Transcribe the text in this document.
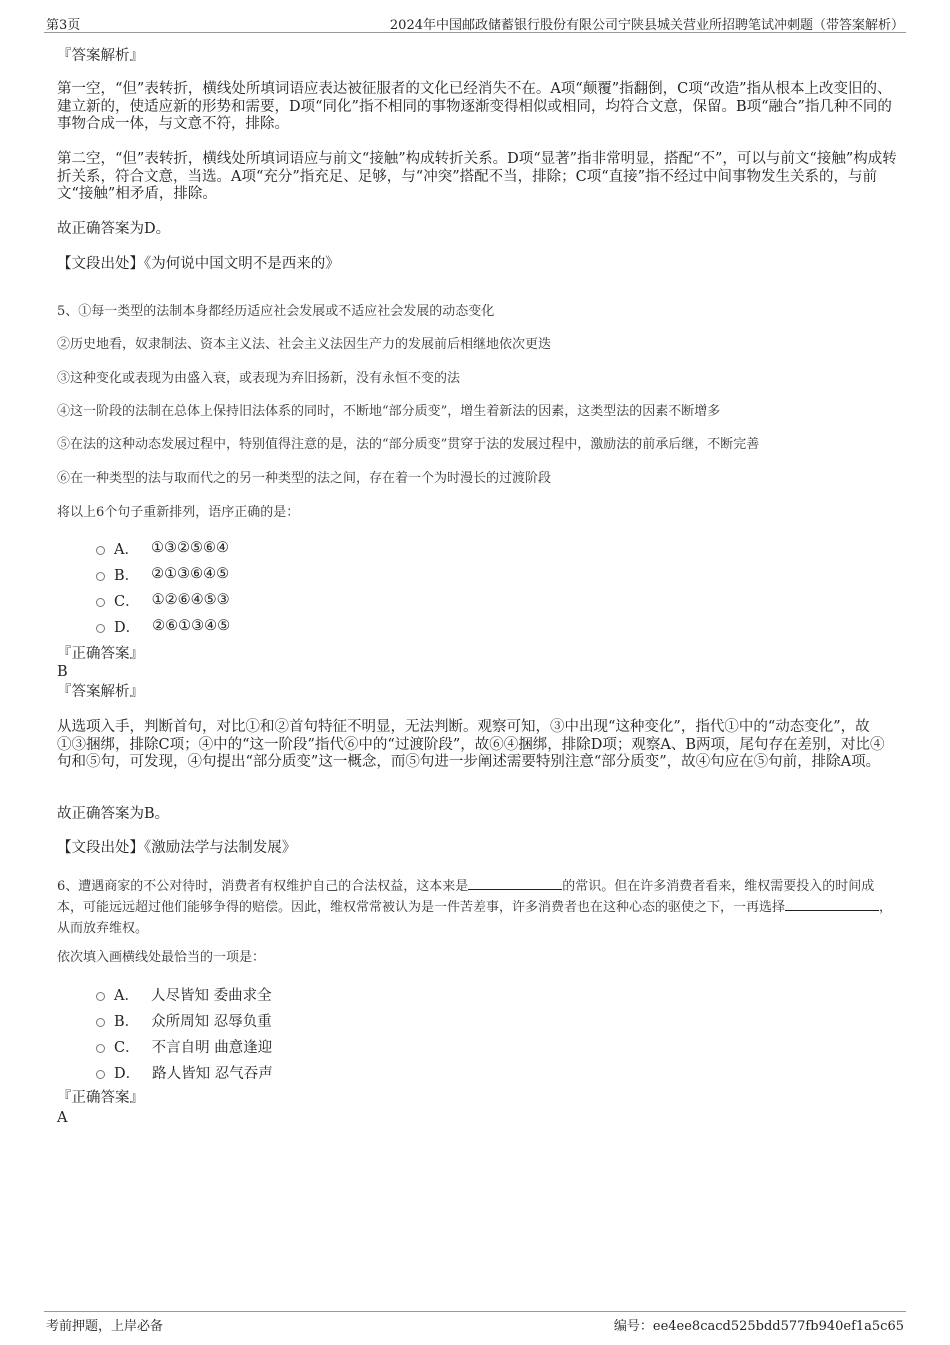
第3页	2024年中国邮政储蓄银行股份有限公司宁陕县城关营业所招聘笔试冲刺题（带答案解析）
『答案解析』
第一空，“但”表转折，横线处所填词语应表达被征服者的文化已经消失不在。A项“颠覆”指翻倒，C项“改造”指从根本上改变旧的、建立新的，使适应新的形势和需要，D项“同化”指不相同的事物逐渐变得相似或相同，均符合文意，保留。B项“融合”指几种不同的事物合成一体，与文意不符，排除。
第二空，“但”表转折，横线处所填词语应与前文“接触”构成转折关系。D项“显著”指非常明显，搭配“不”，可以与前文“接触”构成转折关系，符合文意，当选。A项“充分”指充足、足够，与“冲突”搭配不当，排除；C项“直接”指不经过中间事物发生关系的，与前文“接触”相矛盾，排除。
故正确答案为D。
【文段出处】《为何说中国文明不是西来的》
5、①每一类型的法制本身都经历适应社会发展或不适应社会发展的动态变化
②历史地看，奴隶制法、资本主义法、社会主义法因生产力的发展前后相继地依次更迭
③这种变化或表现为由盛入衰，或表现为弃旧扬新，没有永恒不变的法
④这一阶段的法制在总体上保持旧法体系的同时，不断地“部分质变”，增生着新法的因素，这类型法的因素不断增多
⑤在法的这种动态发展过程中，特别值得注意的是，法的“部分质变”贯穿于法的发展过程中，激励法的前承后继，不断完善
⑥在一种类型的法与取而代之的另一种类型的法之间，存在着一个为时漫长的过渡阶段
将以上6个句子重新排列，语序正确的是：
A． ①③②⑤⑥④
B． ②①③⑥④⑤
C． ①②⑥④⑤③
D． ②⑥①③④⑤
『正确答案』
B
『答案解析』
从选项入手，判断首句，对比①和②首句特征不明显，无法判断。观察可知，③中出现“这种变化”，指代①中的“动态变化”，故①③捆绑，排除C项；④中的“这一阶段”指代⑥中的“过渡阶段”，故⑥④捆绑，排除D项；观察A、B两项，尾句存在差别，对比④句和⑤句，可发现，④句提出“部分质变”这一概念，而⑤句进一步阐述需要特别注意“部分质变”，故④句应在⑤句前，排除A项。
故正确答案为B。
【文段出处】《激励法学与法制发展》
6、遭遇商家的不公对待时，消费者有权维护自己的合法权益，这本来是	的常识。但在许多消费者看来，维权需要投入的时间成本，可能远远超过他们能够争得的赔偿。因此，维权常常被认为是一件苦差事，许多消费者也在这种心态的驱使之下，一再选择	，从而放弃维权。
依次填入画横线处最恰当的一项是：
A． 人尽皆知 委曲求全
B． 众所周知 忍辱负重
C． 不言自明 曲意逢迎
D． 路人皆知 忍气吞声
『正确答案』
A
考前押题，上岸必备	编号：ee4ee8cacd525bdd577fb940ef1a5c65
